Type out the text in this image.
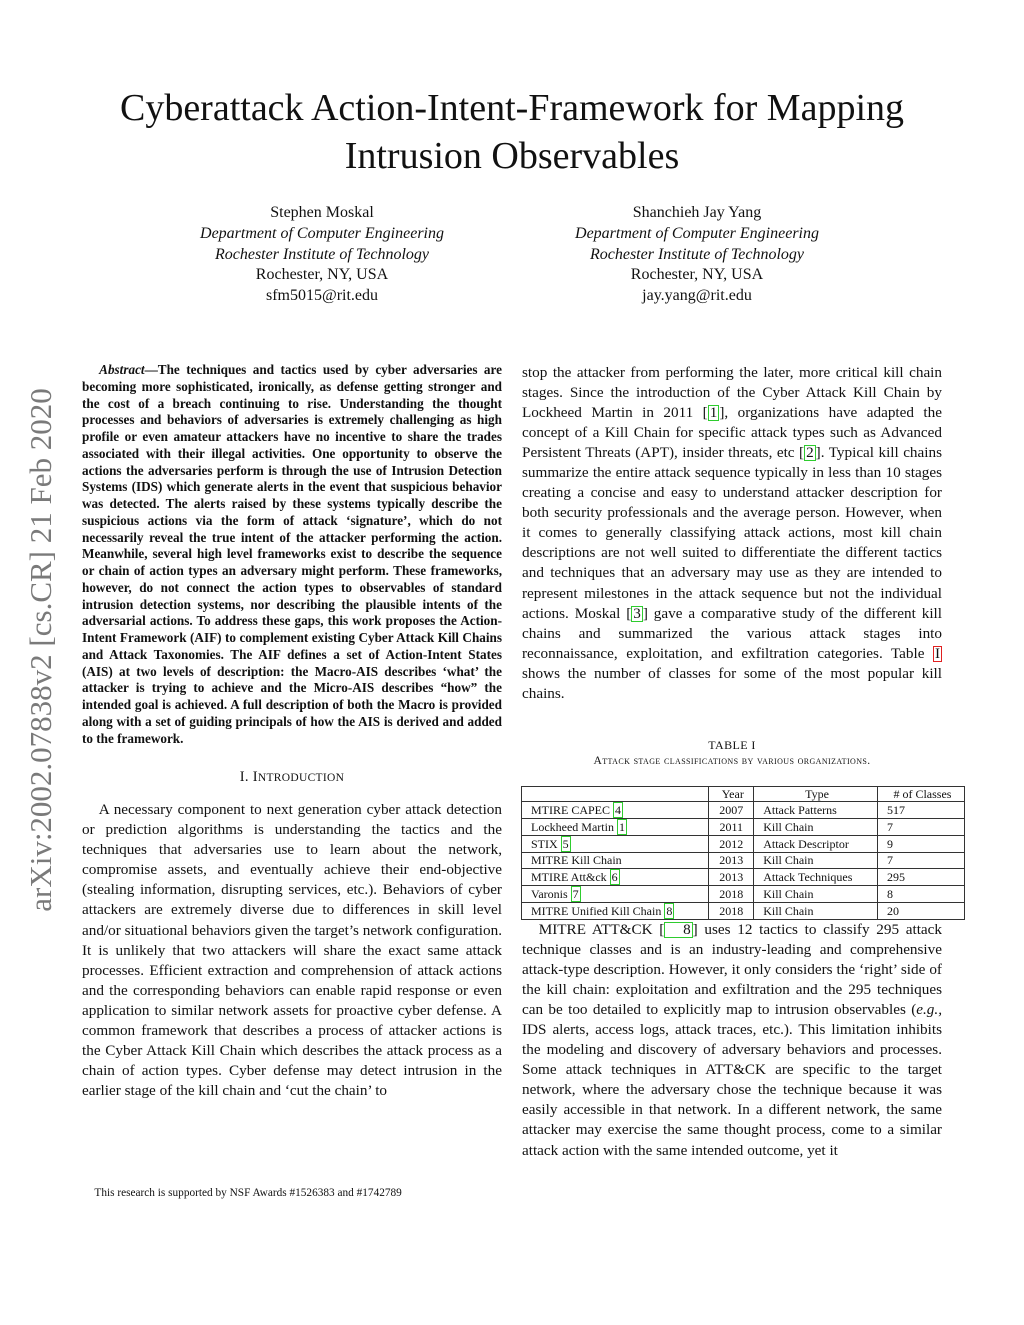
Cyberattack Action-Intent-Framework for Mapping Intrusion Observables
Stephen Moskal
Department of Computer Engineering
Rochester Institute of Technology
Rochester, NY, USA
sfm5015@rit.edu
Shanchieh Jay Yang
Department of Computer Engineering
Rochester Institute of Technology
Rochester, NY, USA
jay.yang@rit.edu
arXiv:2002.07838v2 [cs.CR] 21 Feb 2020

Abstract—The techniques and tactics used by cyber adversaries are becoming more sophisticated, ironically, as defense getting stronger and the cost of a breach continuing to rise. Understanding the thought processes and behaviors of adversaries is extremely challenging as high profile or even amateur attackers have no incentive to share the trades associated with their illegal activities. One opportunity to observe the actions the adversaries perform is through the use of Intrusion Detection Systems (IDS) which generate alerts in the event that suspicious behavior was detected. The alerts raised by these systems typically describe the suspicious actions via the form of attack ‘signature’, which do not necessarily reveal the true intent of the attacker performing the action. Meanwhile, several high level frameworks exist to describe the sequence or chain of action types an adversary might perform. These frameworks, however, do not connect the action types to observables of standard intrusion detection systems, nor describing the plausible intents of the adversarial actions. To address these gaps, this work proposes the Action-Intent Framework (AIF) to complement existing Cyber Attack Kill Chains and Attack Taxonomies. The AIF defines a set of Action-Intent States (AIS) at two levels of description: the Macro-AIS describes ‘what’ the attacker is trying to achieve and the Micro-AIS describes “how” the intended goal is achieved. A full description of both the Macro is provided along with a set of guiding principals of how the AIS is derived and added to the framework.

I. INTRODUCTION

A necessary component to next generation cyber attack detection or prediction algorithms is understanding the tactics and the techniques that adversaries use to learn about the network, compromise assets, and eventually achieve their end-objective (stealing information, disrupting services, etc.). Behaviors of cyber attackers are extremely diverse due to differences in skill level and/or situational behaviors given the target’s network configuration. It is unlikely that two attackers will share the exact same attack processes. Efficient extraction and comprehension of attack actions and the corresponding behaviors can enable rapid response or even application to similar network assets for proactive cyber defense. A common framework that describes a process of attacker actions is the Cyber Attack Kill Chain which describes the attack process as a chain of action types. Cyber defense may detect intrusion in the earlier stage of the kill chain and ‘cut the chain’ to

This research is supported by NSF Awards #1526383 and #1742789

stop the attacker from performing the later, more critical kill chain stages. Since the introduction of the Cyber Attack Kill Chain by Lockheed Martin in 2011 [ 1 ], organizations have adapted the concept of a Kill Chain for specific attack types such as Advanced Persistent Threats (APT), insider threats, etc [ 2 ]. Typical kill chains summarize the entire attack sequence typically in less than 10 stages creating a concise and easy to understand attacker description for both security professionals and the average person. However, when it comes to generally classifying attack actions, most kill chain descriptions are not well suited to differentiate the different tactics and techniques that an adversary may use as they are intended to represent milestones in the attack sequence but not the individual actions. Moskal [ 3 ] gave a comparative study of the different kill chains and summarized the various attack stages into reconnaissance, exploitation, and exfiltration categories. Table I shows the number of classes for some of the most popular kill chains.

TABLE I
Attack stage classifications by various organizations.
	Year	Type	# of Classes
MTIRE CAPEC 4	2007	Attack Patterns	517
Lockheed Martin 1	2011	Kill Chain	7
STIX 5	2012	Attack Descriptor	9
MITRE Kill Chain	2013	Kill Chain	7
MTIRE Att&ck 6	2013	Attack Techniques	295
Varonis 7	2018	Kill Chain	8
MITRE Unified Kill Chain 8	2018	Kill Chain	20

MITRE ATT&CK [ 8 ] uses 12 tactics to classify 295 attack technique classes and is an industry-leading and comprehensive attack-type description. However, it only considers the ‘right’ side of the kill chain: exploitation and exfiltration and the 295 techniques can be too detailed to explicitly map to intrusion observables (e.g., IDS alerts, access logs, attack traces, etc.). This limitation inhibits the modeling and discovery of adversary behaviors and processes. Some attack techniques in ATT&CK are specific to the target network, where the adversary chose the technique because it was easily accessible in that network. In a different network, the same attacker may exercise the same thought process, come to a similar attack action with the same intended outcome, yet it
